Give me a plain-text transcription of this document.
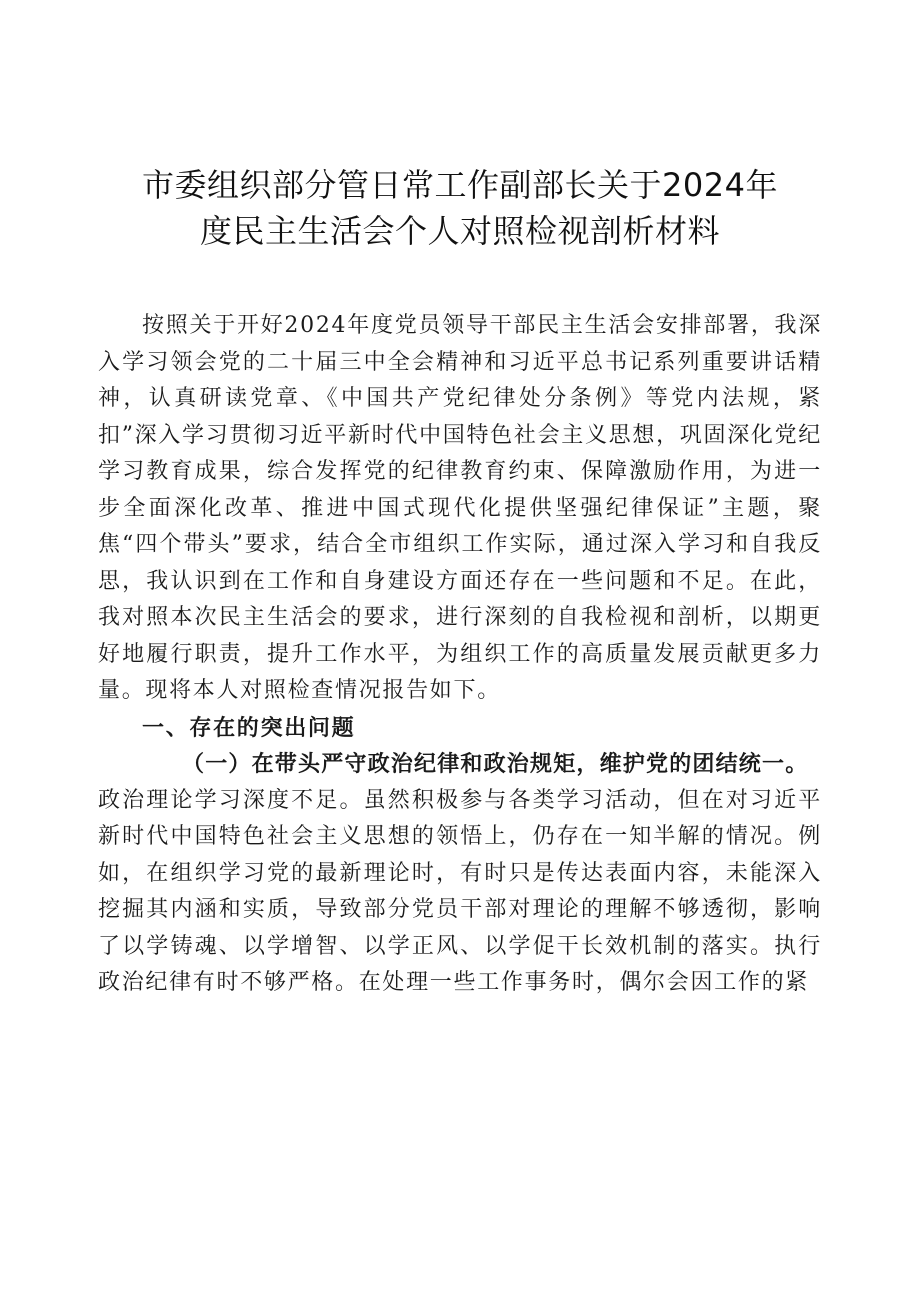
市委组织部分管日常工作副部长关于2024年
度民主生活会个人对照检视剖析材料

按照关于开好2024年度党员领导干部民主生活会安排部署，我深入学习领会党的二十届三中全会精神和习近平总书记系列重要讲话精神，认真研读党章、《中国共产党纪律处分条例》等党内法规，紧扣”深入学习贯彻习近平新时代中国特色社会主义思想，巩固深化党纪学习教育成果，综合发挥党的纪律教育约束、保障激励作用，为进一步全面深化改革、推进中国式现代化提供坚强纪律保证”主题，聚焦“四个带头”要求，结合全市组织工作实际，通过深入学习和自我反思，我认识到在工作和自身建设方面还存在一些问题和不足。在此，我对照本次民主生活会的要求，进行深刻的自我检视和剖析，以期更好地履行职责，提升工作水平，为组织工作的高质量发展贡献更多力量。现将本人对照检查情况报告如下。

一、存在的突出问题

（一）在带头严守政治纪律和政治规矩，维护党的团结统一。

政治理论学习深度不足。虽然积极参与各类学习活动，但在对习近平新时代中国特色社会主义思想的领悟上，仍存在一知半解的情况。例如，在组织学习党的最新理论时，有时只是传达表面内容，未能深入挖掘其内涵和实质，导致部分党员干部对理论的理解不够透彻，影响了以学铸魂、以学增智、以学正风、以学促干长效机制的落实。执行政治纪律有时不够严格。在处理一些工作事务时，偶尔会因工作的紧
